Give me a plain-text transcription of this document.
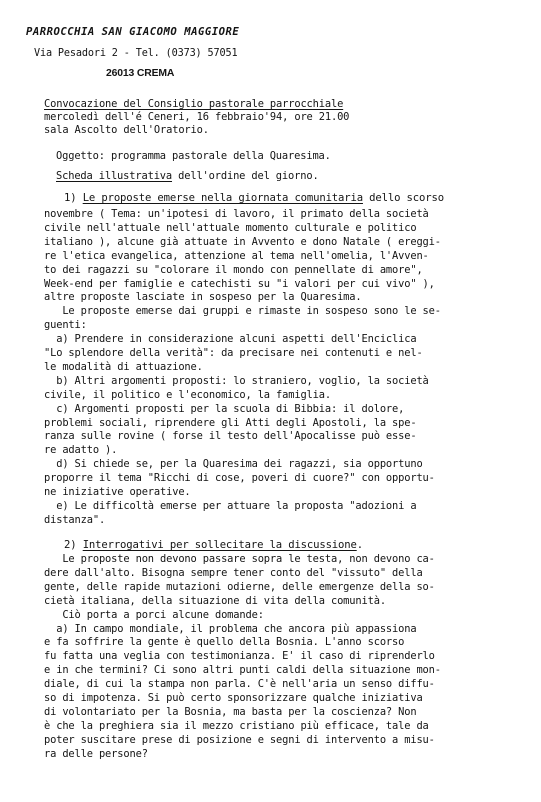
PARROCCHIA SAN GIACOMO MAGGIORE
Via Pesadori 2 - Tel. (0373) 57051
26013 CREMA
Convocazione del Consiglio pastorale parrocchiale
mercoledì dell'é Ceneri, 16 febbraio'94, ore 21.00
sala Ascolto dell'Oratorio.
Oggetto: programma pastorale della Quaresima.
Scheda illustrativa dell'ordine del giorno.
1) Le proposte emerse nella giornata comunitaria dello scorso
novembre ( Tema: un'ipotesi di lavoro, il primato della società
civile nell'attuale nell'attuale momento culturale e politico
italiano ), alcune già attuate in Avvento e dono Natale ( ereggi-
re l'etica evangelica, attenzione al tema nell'omelia, l'Avven-
to dei ragazzi su "colorare il mondo con pennellate di amore",
Week-end per famiglie e catechisti su "i valori per cui vivo" ),
altre proposte lasciate in sospeso per la Quaresima.
Le proposte emerse dai gruppi e rimaste in sospeso sono le se-
guenti:
a) Prendere in considerazione alcuni aspetti dell'Enciclica
"Lo splendore della verità": da precisare nei contenuti e nel-
le modalità di attuazione.
b) Altri argomenti proposti: lo straniero, voglio, la società
civile, il politico e l'economico, la famiglia.
c) Argomenti proposti per la scuola di Bibbia: il dolore,
problemi sociali, riprendere gli Atti degli Apostoli, la spe-
ranza sulle rovine ( forse il testo dell'Apocalisse può esse-
re adatto ).
d) Si chiede se, per la Quaresima dei ragazzi, sia opportuno
proporre il tema "Ricchi di cose, poveri di cuore?" con opportu-
ne iniziative operative.
e) Le difficoltà emerse per attuare la proposta "adozioni a
distanza".
2) Interrogativi per sollecitare la discussione.
Le proposte non devono passare sopra le testa, non devono ca-
dere dall'alto. Bisogna sempre tener conto del "vissuto" della
gente, delle rapide mutazioni odierne, delle emergenze della so-
cietà italiana, della situazione di vita della comunità.
Ciò porta a porci alcune domande:
a) In campo mondiale, il problema che ancora più appassiona
e fa soffrire la gente è quello della Bosnia. L'anno scorso
fu fatta una veglia con testimonianza. E' il caso di riprenderlo
e in che termini? Ci sono altri punti caldi della situazione mon-
diale, di cui la stampa non parla. C'è nell'aria un senso diffu-
so di impotenza. Si può certo sponsorizzare qualche iniziativa
di volontariato per la Bosnia, ma basta per la coscienza? Non
è che la preghiera sia il mezzo cristiano più efficace, tale da
poter suscitare prese di posizione e segni di intervento a misu-
ra delle persone?
